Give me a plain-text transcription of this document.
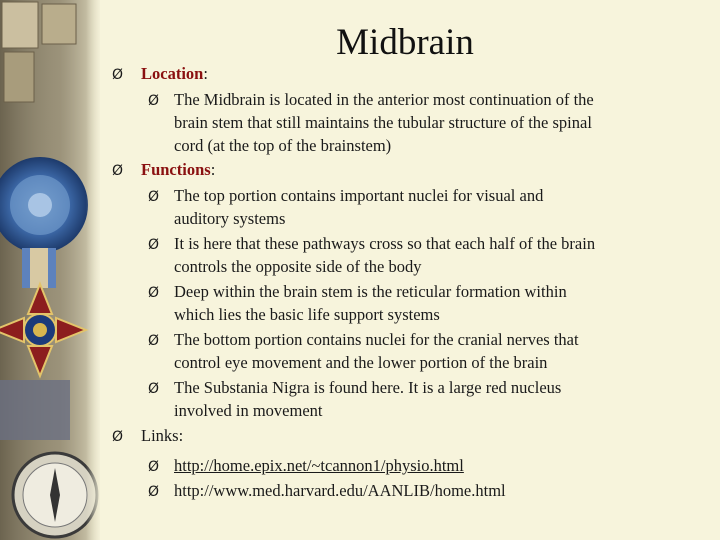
Midbrain
Ø Location:
Ø The Midbrain is located in the anterior most continuation of the
brain stem that still maintains the tubular structure of the spinal
cord (at the top of the brainstem)
Ø Functions:
Ø The top portion contains important nuclei for visual and
auditory systems
Ø It is here that these pathways cross so that each half of the brain
controls the opposite side of the body
Ø Deep within the brain stem is the reticular formation within
which lies the basic life support systems
Ø The bottom portion contains nuclei for the cranial nerves that
control eye movement and the lower portion of the brain
Ø The Substania Nigra is found here. It is a large red nucleus
involved in movement
Ø Links:
Ø http://home.epix.net/~tcannon1/physio.html
Ø http://www.med.harvard.edu/AANLIB/home.html
